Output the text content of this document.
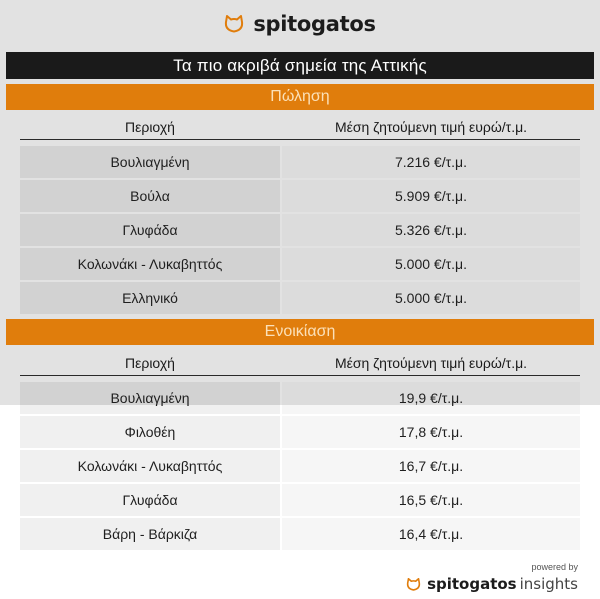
spitogatos
Τα πιο ακριβά σημεία της Αττικής
Πώληση
Περιοχή	Μέση ζητούμενη τιμή ευρώ/τ.μ.
Βουλιαγμένη	7.216 €/τ.μ.
Βούλα	5.909 €/τ.μ.
Γλυφάδα	5.326 €/τ.μ.
Κολωνάκι - Λυκαβηττός	5.000 €/τ.μ.
Ελληνικό	5.000 €/τ.μ.
Ενοικίαση
Περιοχή	Μέση ζητούμενη τιμή ευρώ/τ.μ.
Βουλιαγμένη	19,9 €/τ.μ.
Φιλοθέη	17,8 €/τ.μ.
Κολωνάκι - Λυκαβηττός	16,7 €/τ.μ.
Γλυφάδα	16,5 €/τ.μ.
Βάρη - Βάρκιζα	16,4 €/τ.μ.
powered by
spitogatos insights
